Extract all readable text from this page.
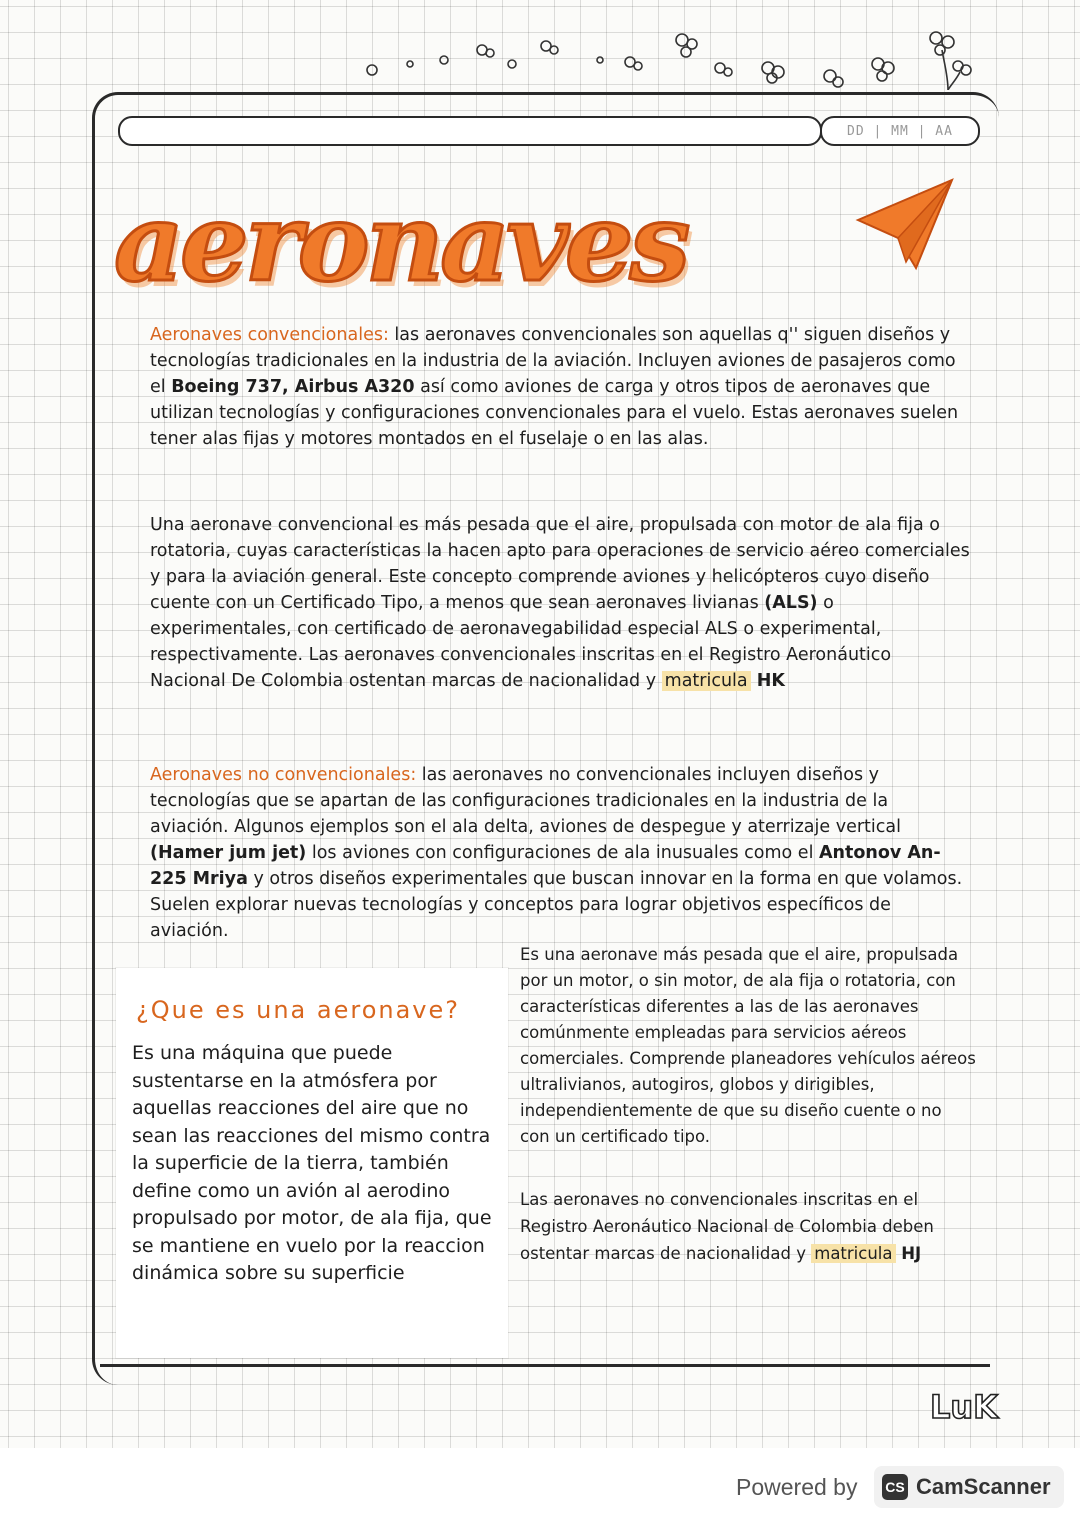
DD | MM | AA
aeronaves
Aeronaves convencionales: las aeronaves convencionales son aquellas q'' siguen diseños y tecnologías tradicionales en la industria de la aviación. Incluyen aviones de pasajeros como el Boeing 737, Airbus A320 así como aviones de carga y otros tipos de aeronaves que utilizan tecnologías y configuraciones convencionales para el vuelo. Estas aeronaves suelen tener alas fijas y motores montados en el fuselaje o en las alas.
Una aeronave convencional es más pesada que el aire, propulsada con motor de ala fija o rotatoria, cuyas características la hacen apto para operaciones de servicio aéreo comerciales y para la aviación general. Este concepto comprende aviones y helicópteros cuyo diseño cuente con un Certificado Tipo, a menos que sean aeronaves livianas (ALS) o experimentales, con certificado de aeronavegabilidad especial ALS o experimental, respectivamente. Las aeronaves convencionales inscritas en el Registro Aeronáutico Nacional De Colombia ostentan marcas de nacionalidad y matricula HK
Aeronaves no convencionales: las aeronaves no convencionales incluyen diseños y tecnologías que se apartan de las configuraciones tradicionales en la industria de la aviación. Algunos ejemplos son el ala delta, aviones de despegue y aterrizaje vertical (Hamer jum jet) los aviones con configuraciones de ala inusuales como el Antonov An-225 Mriya y otros diseños experimentales que buscan innovar en la forma en que volamos. Suelen explorar nuevas tecnologías y conceptos para lograr objetivos específicos de aviación.
¿Que es una aeronave?
Es una máquina que puede sustentarse en la atmósfera por aquellas reacciones del aire que no sean las reacciones del mismo contra la superficie de la tierra, también define como un avión al aerodino propulsado por motor, de ala fija, que se mantiene en vuelo por la reaccion dinámica sobre su superficie
Es una aeronave más pesada que el aire, propulsada por un motor, o sin motor, de ala fija o rotatoria, con características diferentes a las de las aeronaves comúnmente empleadas para servicios aéreos comerciales. Comprende planeadores vehículos aéreos ultralivianos, autogiros, globos y dirigibles, independientemente de que su diseño cuente o no con un certificado tipo.
Las aeronaves no convencionales inscritas en el Registro Aeronáutico Nacional de Colombia deben ostentar marcas de nacionalidad y matricula HJ
LuK
Powered by CS CamScanner
